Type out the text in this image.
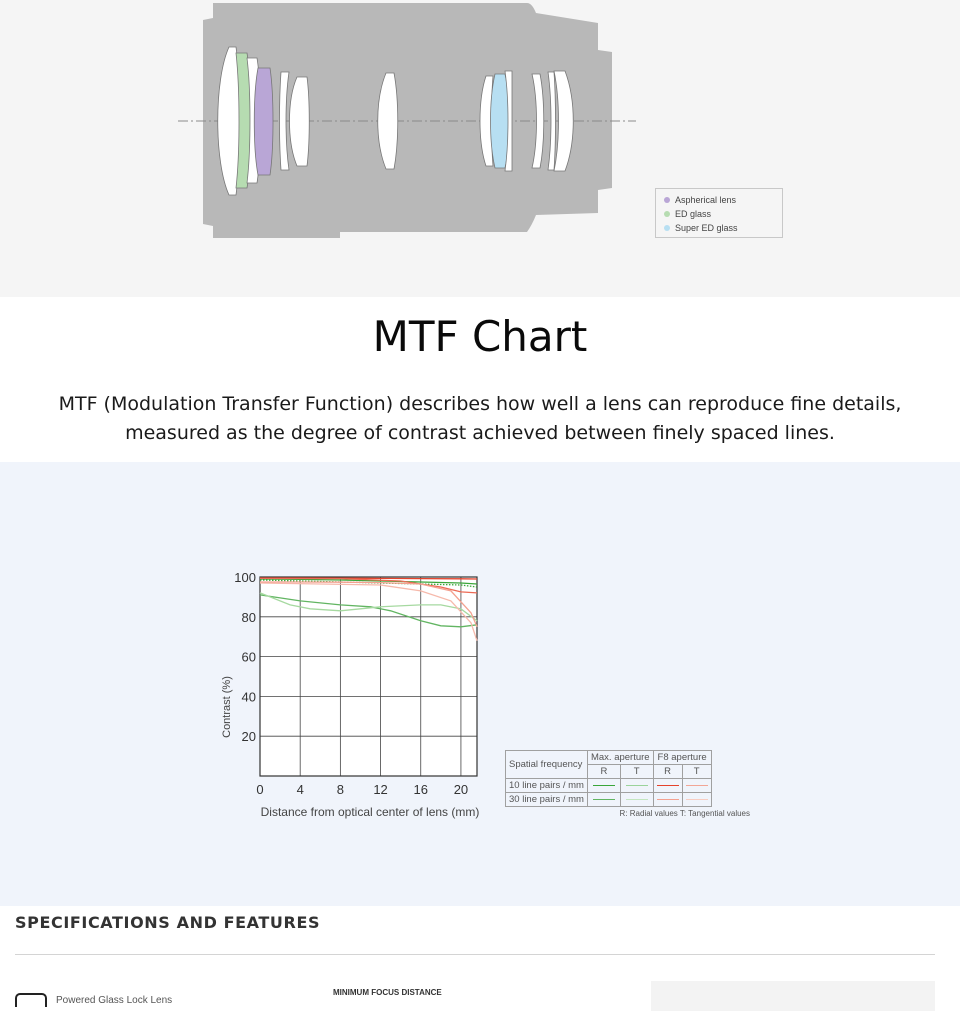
Aspherical lens
ED glass
Super ED glass
MTF Chart

MTF (Modulation Transfer Function) describes how well a lens can reproduce fine details, measured as the degree of contrast achieved between finely spaced lines.

0	4	8 12 16 20
20
40
60
80
100
Distance from optical center of lens (mm)
Contrast (%)
Spatial frequency	Max. aperture		F8 aperture	
	R	T	R	T
10 line pairs / mm				
30 line pairs / mm				
R: Radial values T: Tangential values
SPECIFICATIONS AND FEATURES
Powered Glass Lock Lens
MINIMUM FOCUS DISTANCE
